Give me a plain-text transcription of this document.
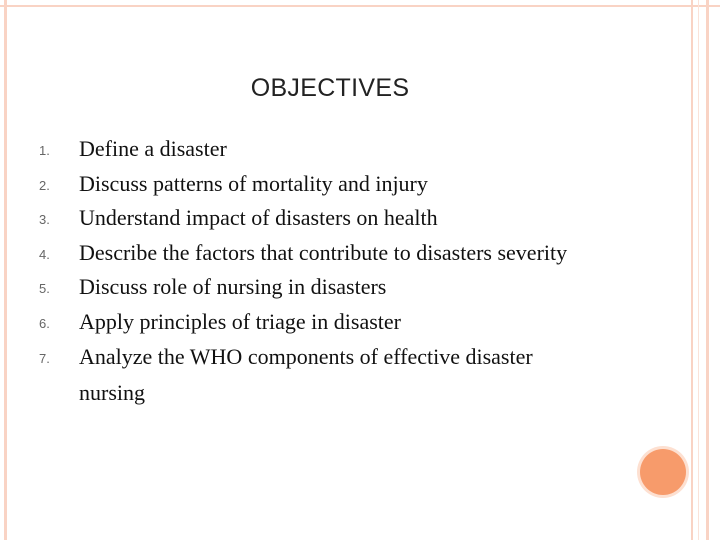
OBJECTIVES
1. Define a disaster
2. Discuss patterns of mortality and injury
3. Understand impact of disasters on health
4. Describe the factors that contribute to disasters severity
5. Discuss role of nursing in disasters
6. Apply principles of triage in disaster
7. Analyze the WHO components of effective disaster nursing
